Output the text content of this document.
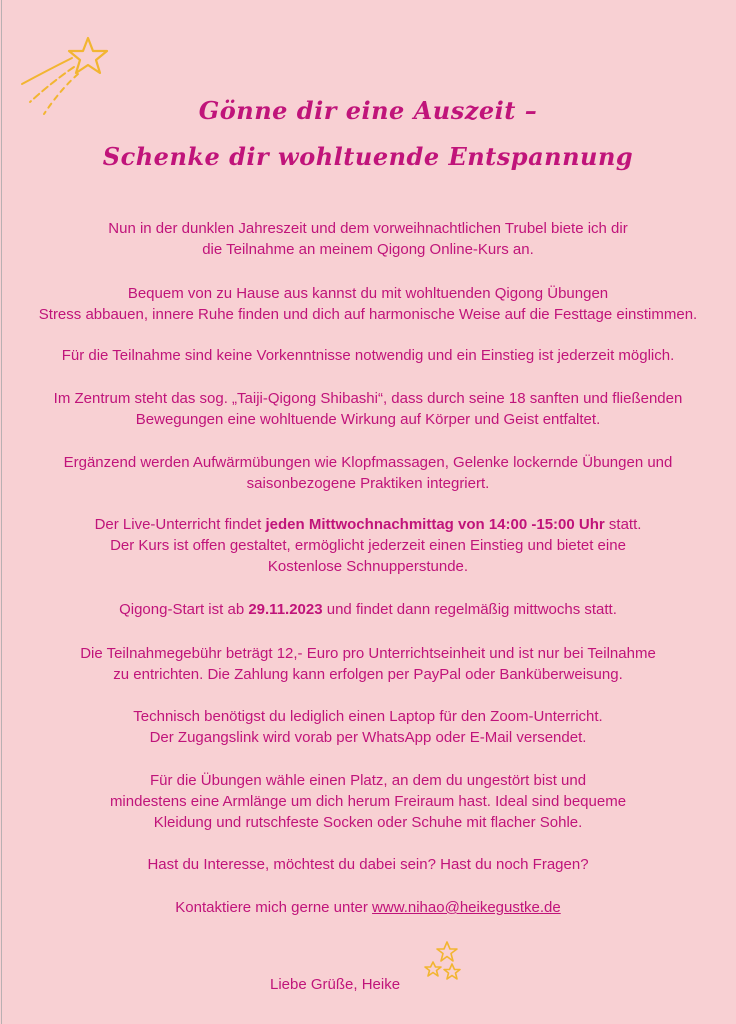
Gönne dir eine Auszeit –
Schenke dir wohltuende Entspannung
Nun in der dunklen Jahreszeit und dem vorweihnachtlichen Trubel biete ich dir
die Teilnahme an meinem Qigong Online-Kurs an.
Bequem von zu Hause aus kannst du mit wohltuenden Qigong Übungen
Stress abbauen, innere Ruhe finden und dich auf harmonische Weise auf die Festtage einstimmen.
Für die Teilnahme sind keine Vorkenntnisse notwendig und ein Einstieg ist jederzeit möglich.
Im Zentrum steht das sog. „Taiji-Qigong Shibashi“, dass durch seine 18 sanften und fließenden
Bewegungen eine wohltuende Wirkung auf Körper und Geist entfaltet.
Ergänzend werden Aufwärmübungen wie Klopfmassagen, Gelenke lockernde Übungen und
saisonbezogene Praktiken integriert.
Der Live-Unterricht findet jeden Mittwochnachmittag von 14:00 -15:00 Uhr statt.
Der Kurs ist offen gestaltet, ermöglicht jederzeit einen Einstieg und bietet eine
Kostenlose Schnupperstunde.
Qigong-Start ist ab 29.11.2023 und findet dann regelmäßig mittwochs statt.
Die Teilnahmegebühr beträgt 12,- Euro pro Unterrichtseinheit und ist nur bei Teilnahme
zu entrichten. Die Zahlung kann erfolgen per PayPal oder Banküberweisung.
Technisch benötigst du lediglich einen Laptop für den Zoom-Unterricht.
Der Zugangslink wird vorab per WhatsApp oder E-Mail versendet.
Für die Übungen wähle einen Platz, an dem du ungestört bist und
mindestens eine Armlänge um dich herum Freiraum hast. Ideal sind bequeme
Kleidung und rutschfeste Socken oder Schuhe mit flacher Sohle.
Hast du Interesse, möchtest du dabei sein? Hast du noch Fragen?
Kontaktiere mich gerne unter www.nihao@heikegustke.de
Liebe Grüße, Heike
